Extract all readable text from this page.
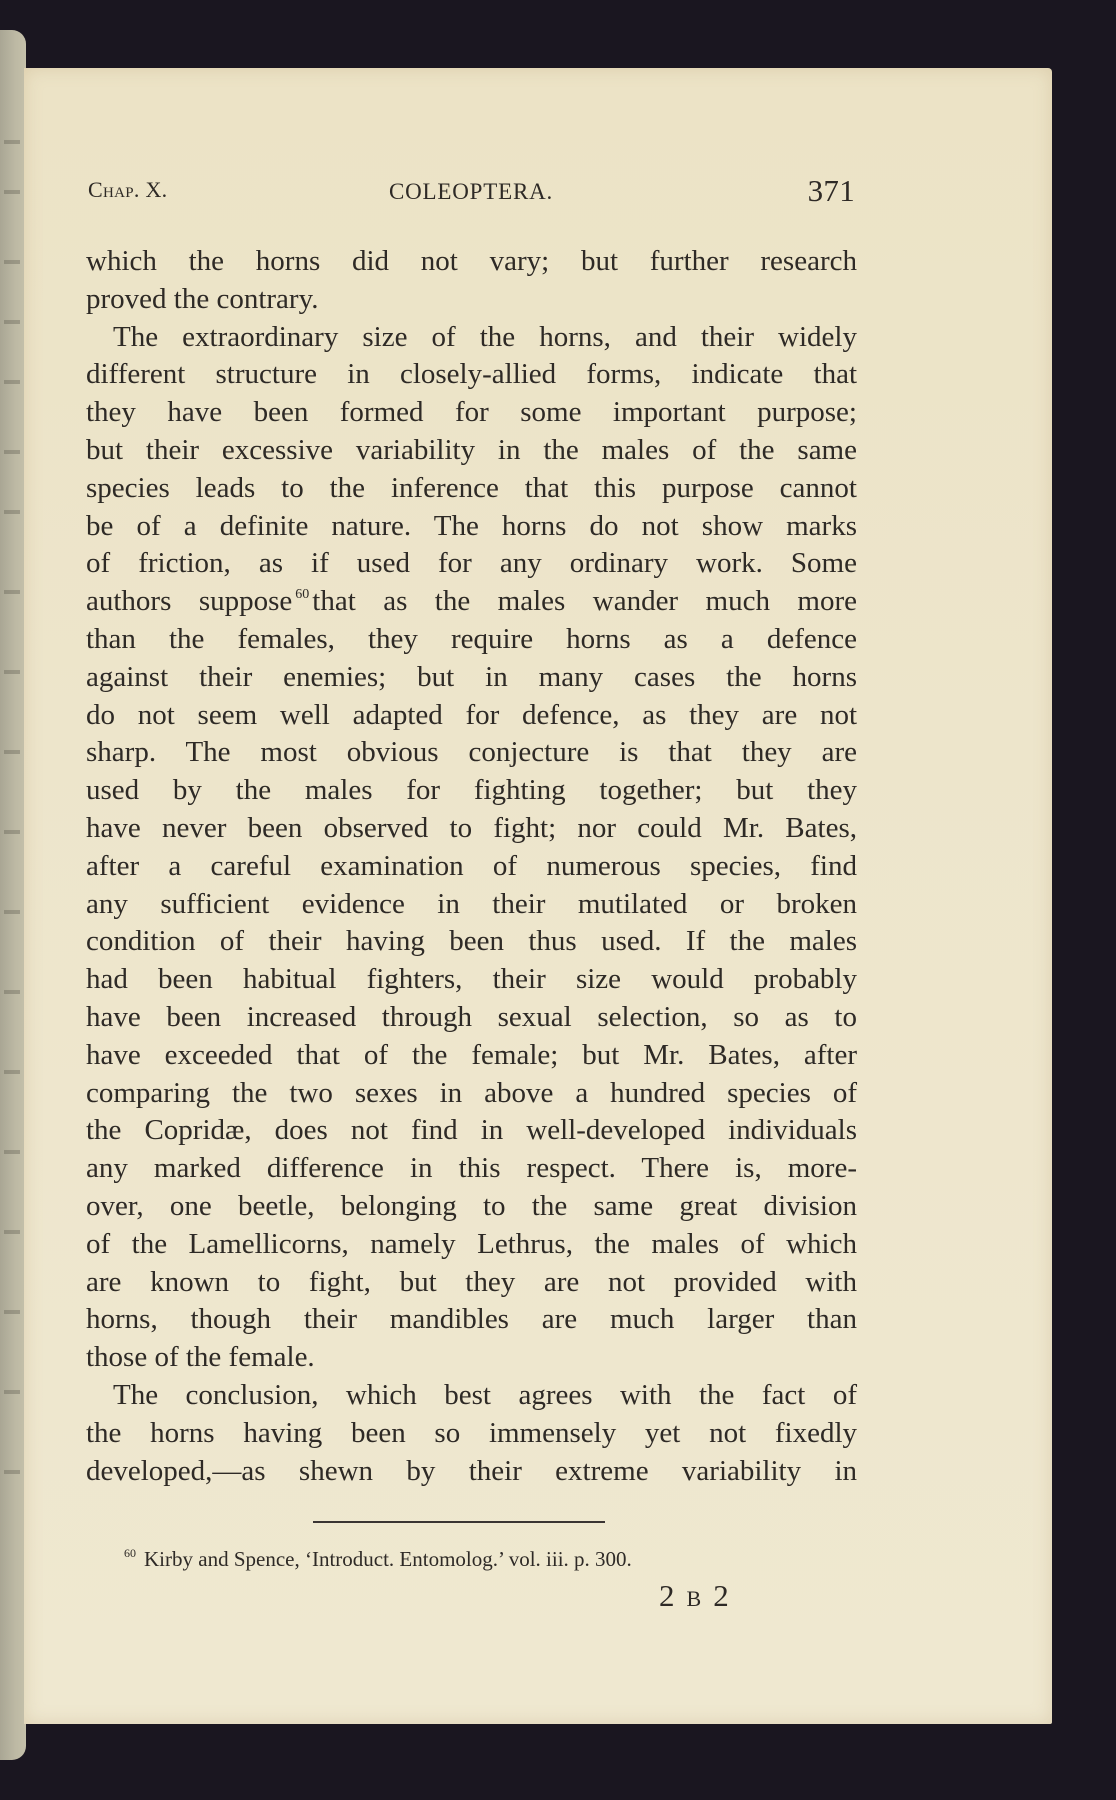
Chap. X.	COLEOPTERA.	371
which the horns did not vary; but further research
proved the contrary.
The extraordinary size of the horns, and their widely
different structure in closely-allied forms, indicate that
they have been formed for some important purpose;
but their excessive variability in the males of the same
species leads to the inference that this purpose cannot
be of a definite nature. The horns do not show marks
of friction, as if used for any ordinary work. Some
authors suppose $^{60}$ that as the males wander much more
than the females, they require horns as a defence
against their enemies; but in many cases the horns
do not seem well adapted for defence, as they are not
sharp. The most obvious conjecture is that they are
used by the males for fighting together; but they
have never been observed to fight; nor could Mr. Bates,
after a careful examination of numerous species, find
any sufficient evidence in their mutilated or broken
condition of their having been thus used. If the males
had been habitual fighters, their size would probably
have been increased through sexual selection, so as to
have exceeded that of the female; but Mr. Bates, after
comparing the two sexes in above a hundred species of
the Copridæ, does not find in well-developed individuals
any marked difference in this respect. There is, more-
over, one beetle, belonging to the same great division
of the Lamellicorns, namely Lethrus, the males of which
are known to fight, but they are not provided with
horns, though their mandibles are much larger than
those of the female.
The conclusion, which best agrees with the fact of
the horns having been so immensely yet not fixedly
developed,—as shewn by their extreme variability in
$^{60}$ Kirby and Spence, ‘Introduct. Entomolog.’ vol. iii. p. 300.
2 B 2
